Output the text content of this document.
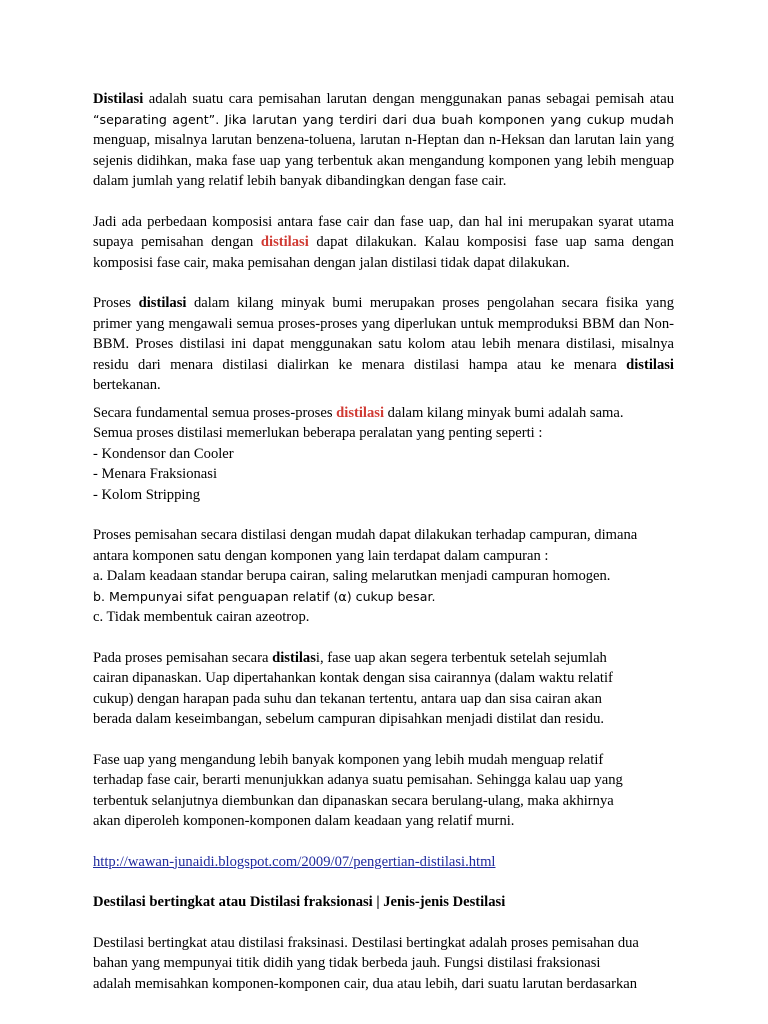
Distilasi adalah suatu cara pemisahan larutan dengan menggunakan panas sebagai pemisah atau “separating agent”. Jika larutan yang terdiri dari dua buah komponen yang cukup mudah menguap, misalnya larutan benzena-toluena, larutan n-Heptan dan n-Heksan dan larutan lain yang sejenis didihkan, maka fase uap yang terbentuk akan mengandung komponen yang lebih menguap dalam jumlah yang relatif lebih banyak dibandingkan dengan fase cair.

Jadi ada perbedaan komposisi antara fase cair dan fase uap, dan hal ini merupakan syarat utama supaya pemisahan dengan distilasi dapat dilakukan. Kalau komposisi fase uap sama dengan komposisi fase cair, maka pemisahan dengan jalan distilasi tidak dapat dilakukan.

Proses distilasi dalam kilang minyak bumi merupakan proses pengolahan secara fisika yang primer yang mengawali semua proses-proses yang diperlukan untuk memproduksi BBM dan Non-BBM. Proses distilasi ini dapat menggunakan satu kolom atau lebih menara distilasi, misalnya residu dari menara distilasi dialirkan ke menara distilasi hampa atau ke menara distilasi bertekanan.

Secara fundamental semua proses-proses distilasi dalam kilang minyak bumi adalah sama.
Semua proses distilasi memerlukan beberapa peralatan yang penting seperti :
- Kondensor dan Cooler
- Menara Fraksionasi
- Kolom Stripping

Proses pemisahan secara distilasi dengan mudah dapat dilakukan terhadap campuran, dimana
antara komponen satu dengan komponen yang lain terdapat dalam campuran :
a. Dalam keadaan standar berupa cairan, saling melarutkan menjadi campuran homogen.
b. Mempunyai sifat penguapan relatif (α) cukup besar.
c. Tidak membentuk cairan azeotrop.

Pada proses pemisahan secara distilasi, fase uap akan segera terbentuk setelah sejumlah
cairan dipanaskan. Uap dipertahankan kontak dengan sisa cairannya (dalam waktu relatif
cukup) dengan harapan pada suhu dan tekanan tertentu, antara uap dan sisa cairan akan
berada dalam keseimbangan, sebelum campuran dipisahkan menjadi distilat dan residu.

Fase uap yang mengandung lebih banyak komponen yang lebih mudah menguap relatif
terhadap fase cair, berarti menunjukkan adanya suatu pemisahan. Sehingga kalau uap yang
terbentuk selanjutnya diembunkan dan dipanaskan secara berulang-ulang, maka akhirnya
akan diperoleh komponen-komponen dalam keadaan yang relatif murni.

http://wawan-junaidi.blogspot.com/2009/07/pengertian-distilasi.html

Destilasi bertingkat atau Distilasi fraksionasi | Jenis-jenis Destilasi

Destilasi bertingkat atau distilasi fraksinasi. Destilasi bertingkat adalah proses pemisahan dua
bahan yang mempunyai titik didih yang tidak berbeda jauh. Fungsi distilasi fraksionasi
adalah memisahkan komponen-komponen cair, dua atau lebih, dari suatu larutan berdasarkan
